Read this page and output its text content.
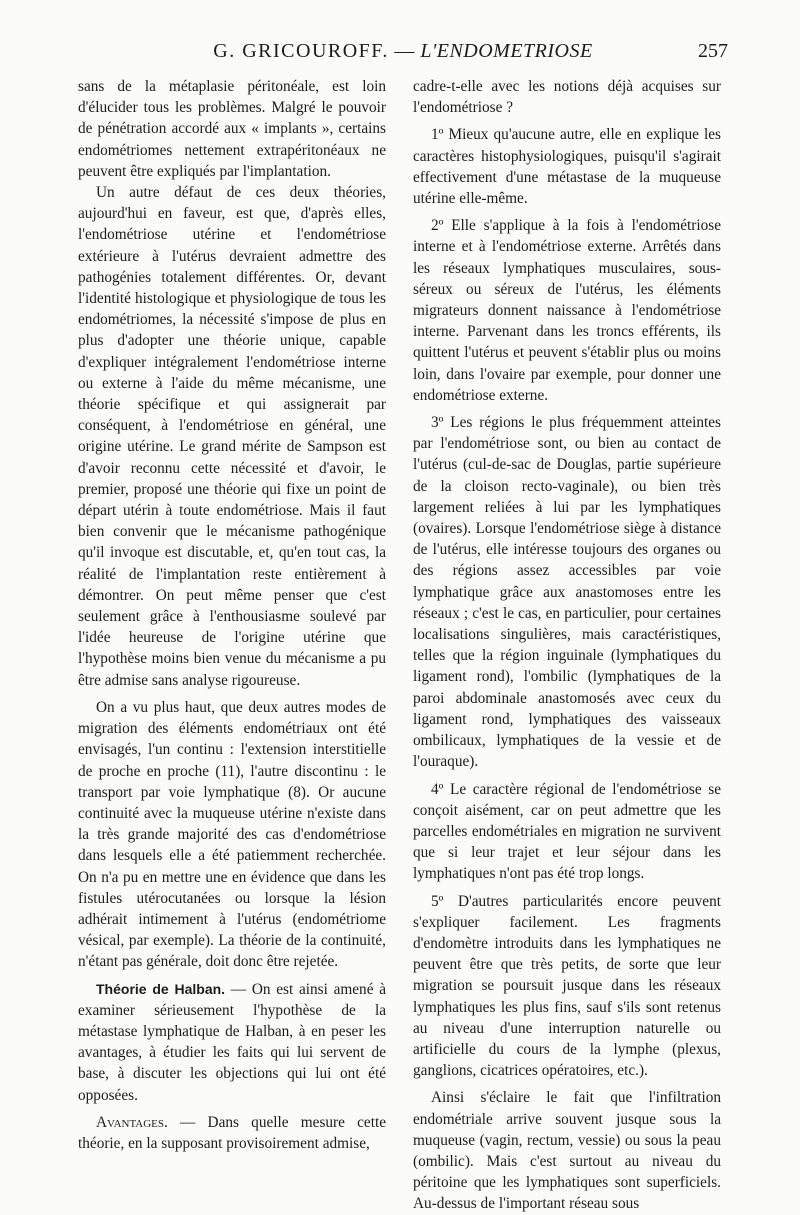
G. GRICOUROFF. — L'ENDOMETRIOSE	257

sans de la métaplasie péritonéale, est loin d'élucider tous les problèmes. Malgré le pouvoir de pénétration accordé aux « implants », certains endométriomes nettement extrapéritonéaux ne peuvent être expliqués par l'implantation.

Un autre défaut de ces deux théories, aujourd'hui en faveur, est que, d'après elles, l'endométriose utérine et l'endométriose extérieure à l'utérus devraient admettre des pathogénies totalement différentes. Or, devant l'identité histologique et physiologique de tous les endométriomes, la nécessité s'impose de plus en plus d'adopter une théorie unique, capable d'expliquer intégralement l'endométriose interne ou externe à l'aide du même mécanisme, une théorie spécifique et qui assignerait par conséquent, à l'endométriose en général, une origine utérine. Le grand mérite de Sampson est d'avoir reconnu cette nécessité et d'avoir, le premier, proposé une théorie qui fixe un point de départ utérin à toute endométriose. Mais il faut bien convenir que le mécanisme pathogénique qu'il invoque est discutable, et, qu'en tout cas, la réalité de l'implantation reste entièrement à démontrer. On peut même penser que c'est seulement grâce à l'enthousiasme soulevé par l'idée heureuse de l'origine utérine que l'hypothèse moins bien venue du mécanisme a pu être admise sans analyse rigoureuse.

On a vu plus haut, que deux autres modes de migration des éléments endométriaux ont été envisagés, l'un continu : l'extension interstitielle de proche en proche (11), l'autre discontinu : le transport par voie lymphatique (8). Or aucune continuité avec la muqueuse utérine n'existe dans la très grande majorité des cas d'endométriose dans lesquels elle a été patiemment recherchée. On n'a pu en mettre une en évidence que dans les fistules utérocutanées ou lorsque la lésion adhérait intimement à l'utérus (endométriome vésical, par exemple). La théorie de la continuité, n'étant pas générale, doit donc être rejetée.

Théorie de Halban. — On est ainsi amené à examiner sérieusement l'hypothèse de la métastase lymphatique de Halban, à en peser les avantages, à étudier les faits qui lui servent de base, à discuter les objections qui lui ont été opposées.

Avantages. — Dans quelle mesure cette théorie, en la supposant provisoirement admise,

cadre-t-elle avec les notions déjà acquises sur l'endométriose ?

1º Mieux qu'aucune autre, elle en explique les caractères histophysiologiques, puisqu'il s'agirait effectivement d'une métastase de la muqueuse utérine elle-même.

2º Elle s'applique à la fois à l'endométriose interne et à l'endométriose externe. Arrêtés dans les réseaux lymphatiques musculaires, sous-séreux ou séreux de l'utérus, les éléments migrateurs donnent naissance à l'endométriose interne. Parvenant dans les troncs efférents, ils quittent l'utérus et peuvent s'établir plus ou moins loin, dans l'ovaire par exemple, pour donner une endométriose externe.

3º Les régions le plus fréquemment atteintes par l'endométriose sont, ou bien au contact de l'utérus (cul-de-sac de Douglas, partie supérieure de la cloison recto-vaginale), ou bien très largement reliées à lui par les lymphatiques (ovaires). Lorsque l'endométriose siège à distance de l'utérus, elle intéresse toujours des organes ou des régions assez accessibles par voie lymphatique grâce aux anastomoses entre les réseaux ; c'est le cas, en particulier, pour certaines localisations singulières, mais caractéristiques, telles que la région inguinale (lymphatiques du ligament rond), l'ombilic (lymphatiques de la paroi abdominale anastomosés avec ceux du ligament rond, lymphatiques des vaisseaux ombilicaux, lymphatiques de la vessie et de l'ouraque).

4º Le caractère régional de l'endométriose se conçoit aisément, car on peut admettre que les parcelles endométriales en migration ne survivent que si leur trajet et leur séjour dans les lymphatiques n'ont pas été trop longs.

5º D'autres particularités encore peuvent s'expliquer facilement. Les fragments d'endomètre introduits dans les lymphatiques ne peuvent être que très petits, de sorte que leur migration se poursuit jusque dans les réseaux lymphatiques les plus fins, sauf s'ils sont retenus au niveau d'une interruption naturelle ou artificielle du cours de la lymphe (plexus, ganglions, cicatrices opératoires, etc.).

Ainsi s'éclaire le fait que l'infiltration endométriale arrive souvent jusque sous la muqueuse (vagin, rectum, vessie) ou sous la peau (ombilic). Mais c'est surtout au niveau du péritoine que les lymphatiques sont superficiels. Au-dessus de l'important réseau sous
